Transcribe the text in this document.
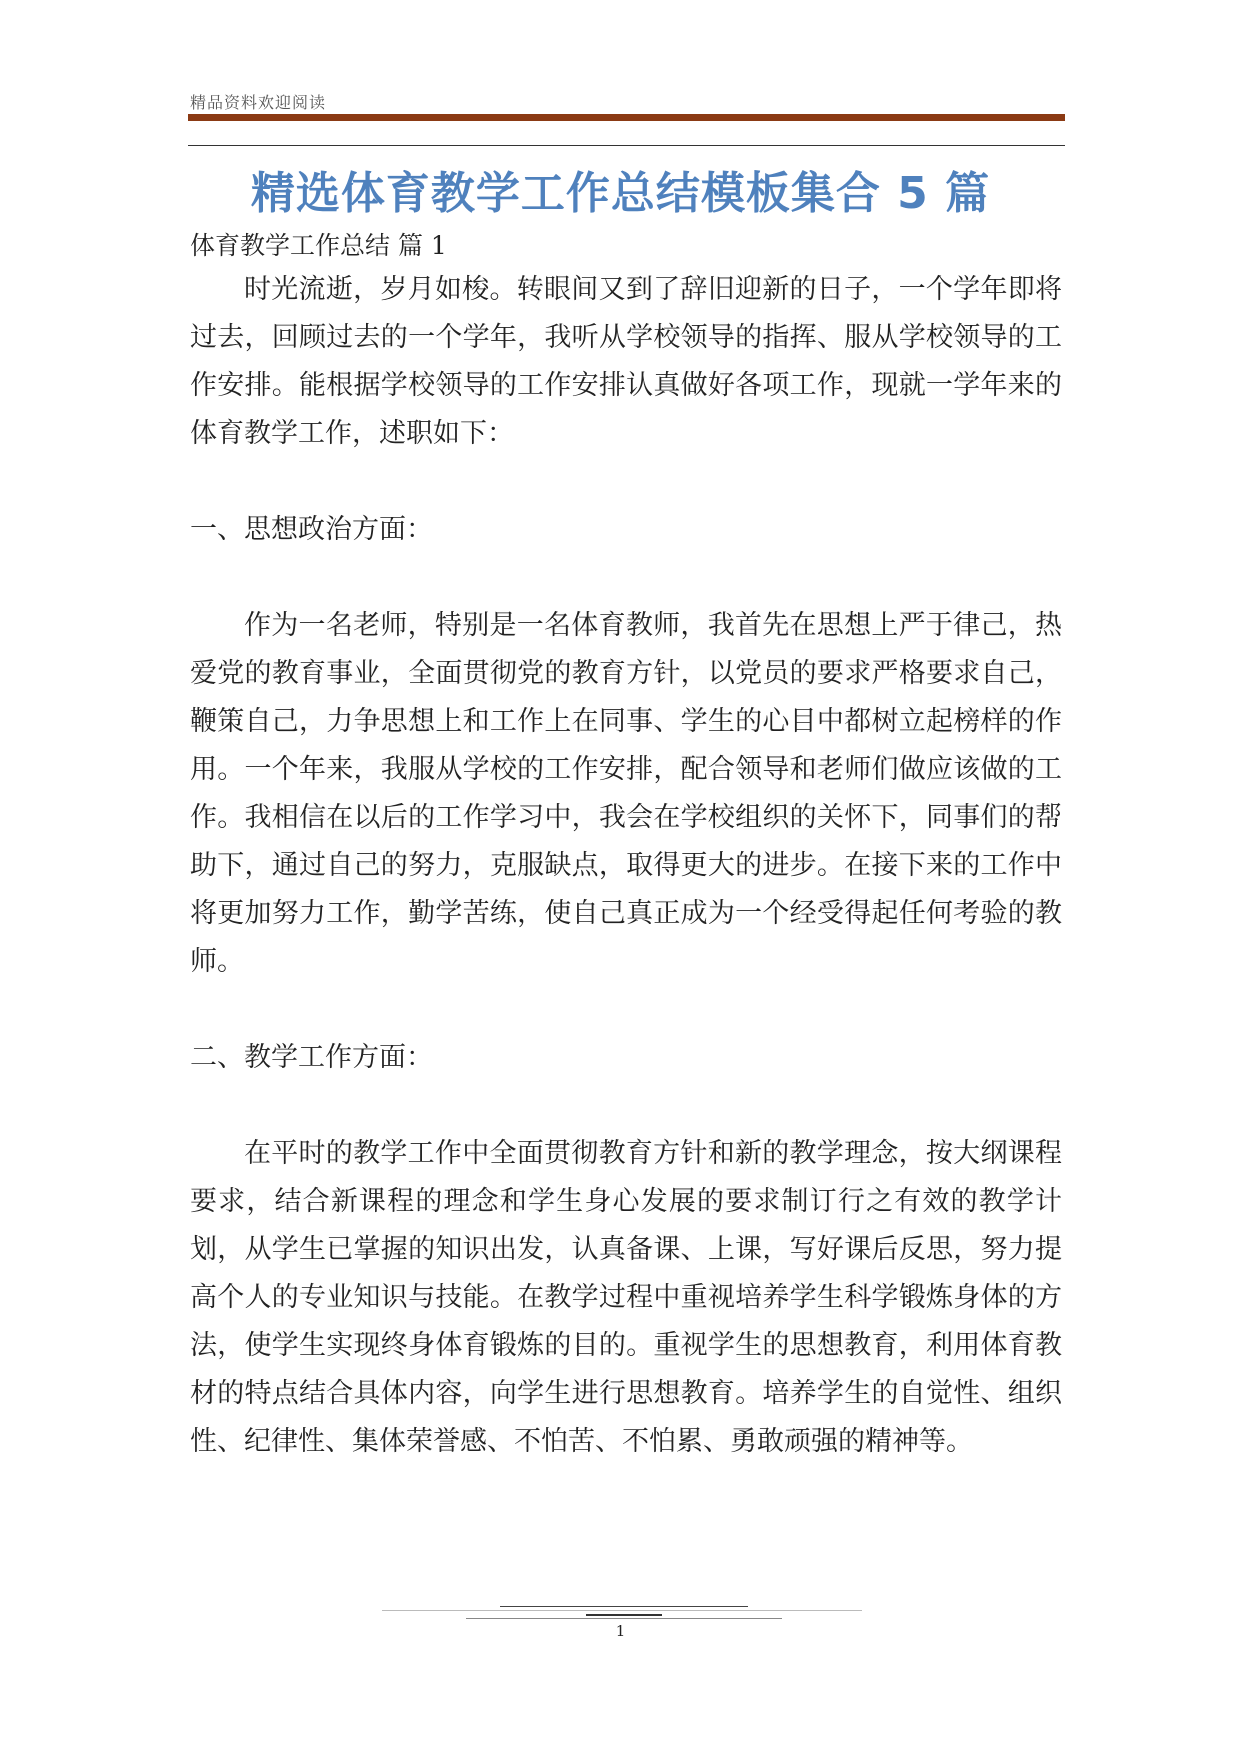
精品资料欢迎阅读
精选体育教学工作总结模板集合 5 篇
体育教学工作总结 篇 1

时光流逝，岁月如梭。转眼间又到了辞旧迎新的日子，一个学年即将过去，回顾过去的一个学年，我听从学校领导的指挥、服从学校领导的工作安排。能根据学校领导的工作安排认真做好各项工作，现就一学年来的体育教学工作，述职如下：

一、思想政治方面：

作为一名老师，特别是一名体育教师，我首先在思想上严于律己，热爱党的教育事业，全面贯彻党的教育方针，以党员的要求严格要求自己，鞭策自己，力争思想上和工作上在同事、学生的心目中都树立起榜样的作用。一个年来，我服从学校的工作安排，配合领导和老师们做应该做的工作。我相信在以后的工作学习中，我会在学校组织的关怀下，同事们的帮助下，通过自己的努力，克服缺点，取得更大的进步。在接下来的工作中将更加努力工作，勤学苦练，使自己真正成为一个经受得起任何考验的教师。

二、教学工作方面：

在平时的教学工作中全面贯彻教育方针和新的教学理念，按大纲课程要求，结合新课程的理念和学生身心发展的要求制订行之有效的教学计划，从学生已掌握的知识出发，认真备课、上课，写好课后反思，努力提高个人的专业知识与技能。在教学过程中重视培养学生科学锻炼身体的方法，使学生实现终身体育锻炼的目的。重视学生的思想教育，利用体育教材的特点结合具体内容，向学生进行思想教育。培养学生的自觉性、组织性、纪律性、集体荣誉感、不怕苦、不怕累、勇敢顽强的精神等。

1
